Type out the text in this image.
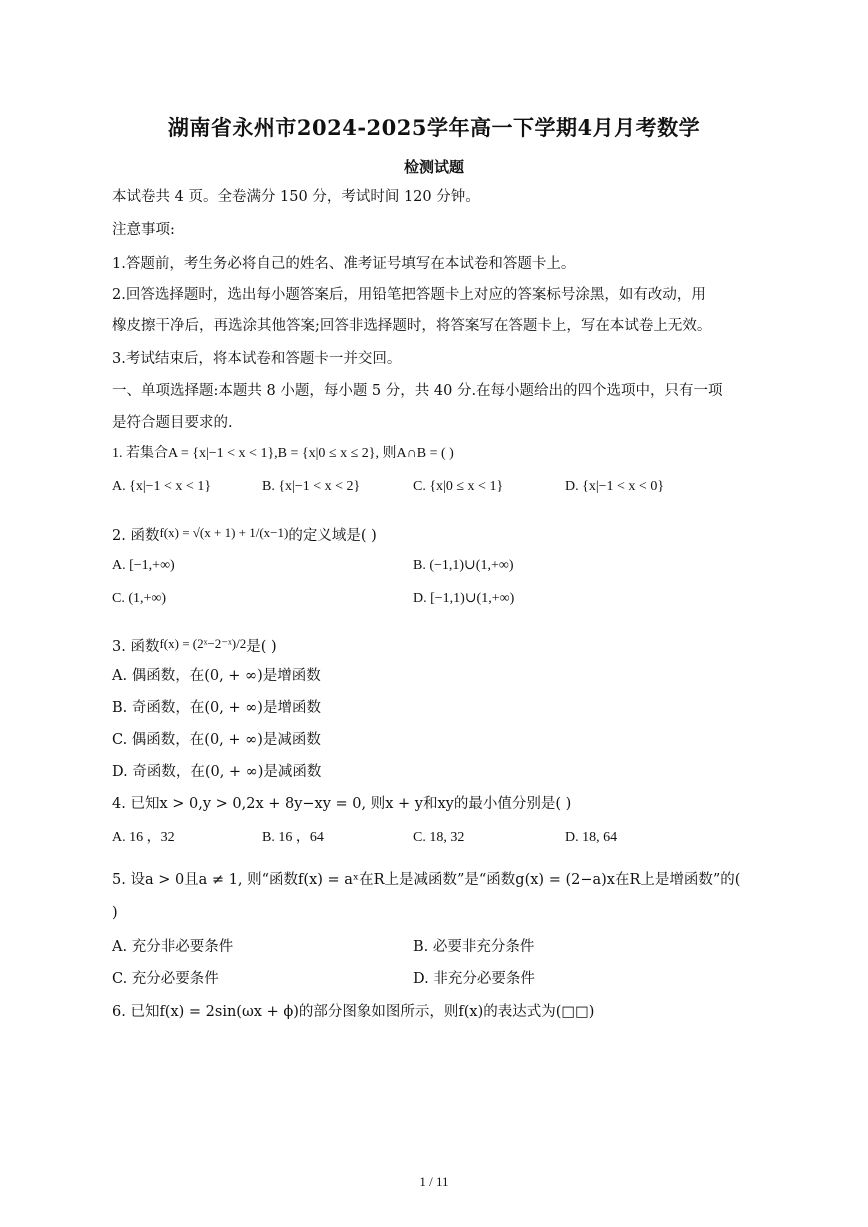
湖南省永州市2024-2025学年高一下学期4月月考数学
检测试题
本试卷共 4 页。全卷满分 150 分，考试时间 120 分钟。
注意事项:
1.答题前，考生务必将自己的姓名、准考证号填写在本试卷和答题卡上。
2.回答选择题时，选出每小题答案后，用铅笔把答题卡上对应的答案标号涂黑，如有改动，用
橡皮擦干净后，再选涂其他答案;回答非选择题时，将答案写在答题卡上，写在本试卷上无效。
3.考试结束后，将本试卷和答题卡一并交回。
一、单项选择题:本题共 8 小题，每小题 5 分，共 40 分.在每小题给出的四个选项中，只有一项
是符合题目要求的.
1. 若集合A = {x|−1 < x < 1},B = {x|0 ≤ x ≤ 2}, 则A∩B = ( )
A. {x|−1 < x < 1}	B. {x|−1 < x < 2}	C. {x|0 ≤ x < 1}	D. {x|−1 < x < 0}
2. 函数f(x) = √(x + 1) + 1/(x−1)的定义域是( )
A. [−1,+∞)	B. (−1,1)∪(1,+∞)
C. (1,+∞)	D. [−1,1)∪(1,+∞)
3. 函数f(x) = (2ˣ−2⁻ˣ)/2是( )
A. 偶函数，在(0, + ∞)是增函数
B. 奇函数，在(0, + ∞)是增函数
C. 偶函数，在(0, + ∞)是减函数
D. 奇函数，在(0, + ∞)是减函数
4. 已知x > 0,y > 0,2x + 8y−xy = 0, 则x + y和xy的最小值分别是( )
A. 16 ，32	B. 16 ，64	C. 18, 32	D. 18, 64
5. 设a > 0且a ≠ 1, 则“函数f(x) = aˣ在R上是减函数”是“函数g(x) = (2−a)x在R上是增函数”的(
)
A. 充分非必要条件	B. 必要非充分条件
C. 充分必要条件	D. 非充分必要条件
6. 已知f(x) = 2sin(ωx + ϕ)的部分图象如图所示，则f(x)的表达式为(□□)
1 / 11
